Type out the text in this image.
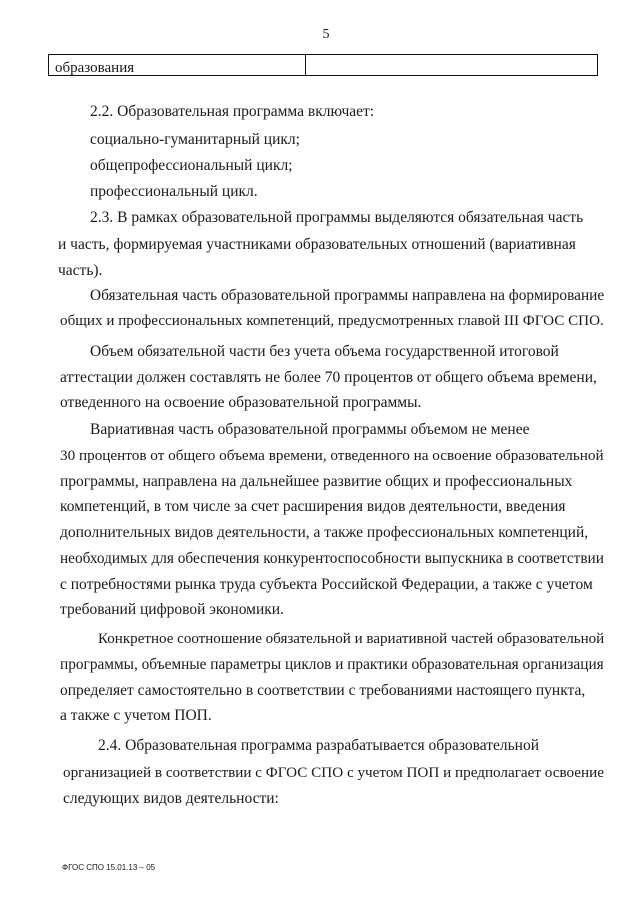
5
образования
2.2. Образовательная программа включает:
социально-гуманитарный цикл;
общепрофессиональный цикл;
профессиональный цикл.
2.3. В рамках образовательной программы выделяются обязательная часть
и часть, формируемая участниками образовательных отношений (вариативная
часть).
Обязательная часть образовательной программы направлена на формирование
общих и профессиональных компетенций, предусмотренных главой III ФГОС СПО.
Объем обязательной части без учета объема государственной итоговой
аттестации должен составлять не более 70 процентов от общего объема времени,
отведенного на освоение образовательной программы.
Вариативная часть образовательной программы объемом не менее
30 процентов от общего объема времени, отведенного на освоение образовательной
программы, направлена на дальнейшее развитие общих и профессиональных
компетенций, в том числе за счет расширения видов деятельности, введения
дополнительных видов деятельности, а также профессиональных компетенций,
необходимых для обеспечения конкурентоспособности выпускника в соответствии
с потребностями рынка труда субъекта Российской Федерации, а также с учетом
требований цифровой экономики.
Конкретное соотношение обязательной и вариативной частей образовательной
программы, объемные параметры циклов и практики образовательная организация
определяет самостоятельно в соответствии с требованиями настоящего пункта,
а также с учетом ПОП.
2.4. Образовательная программа разрабатывается образовательной
организацией в соответствии с ФГОС СПО с учетом ПОП и предполагает освоение
следующих видов деятельности:
ФГОС СПО 15.01.13 – 05
